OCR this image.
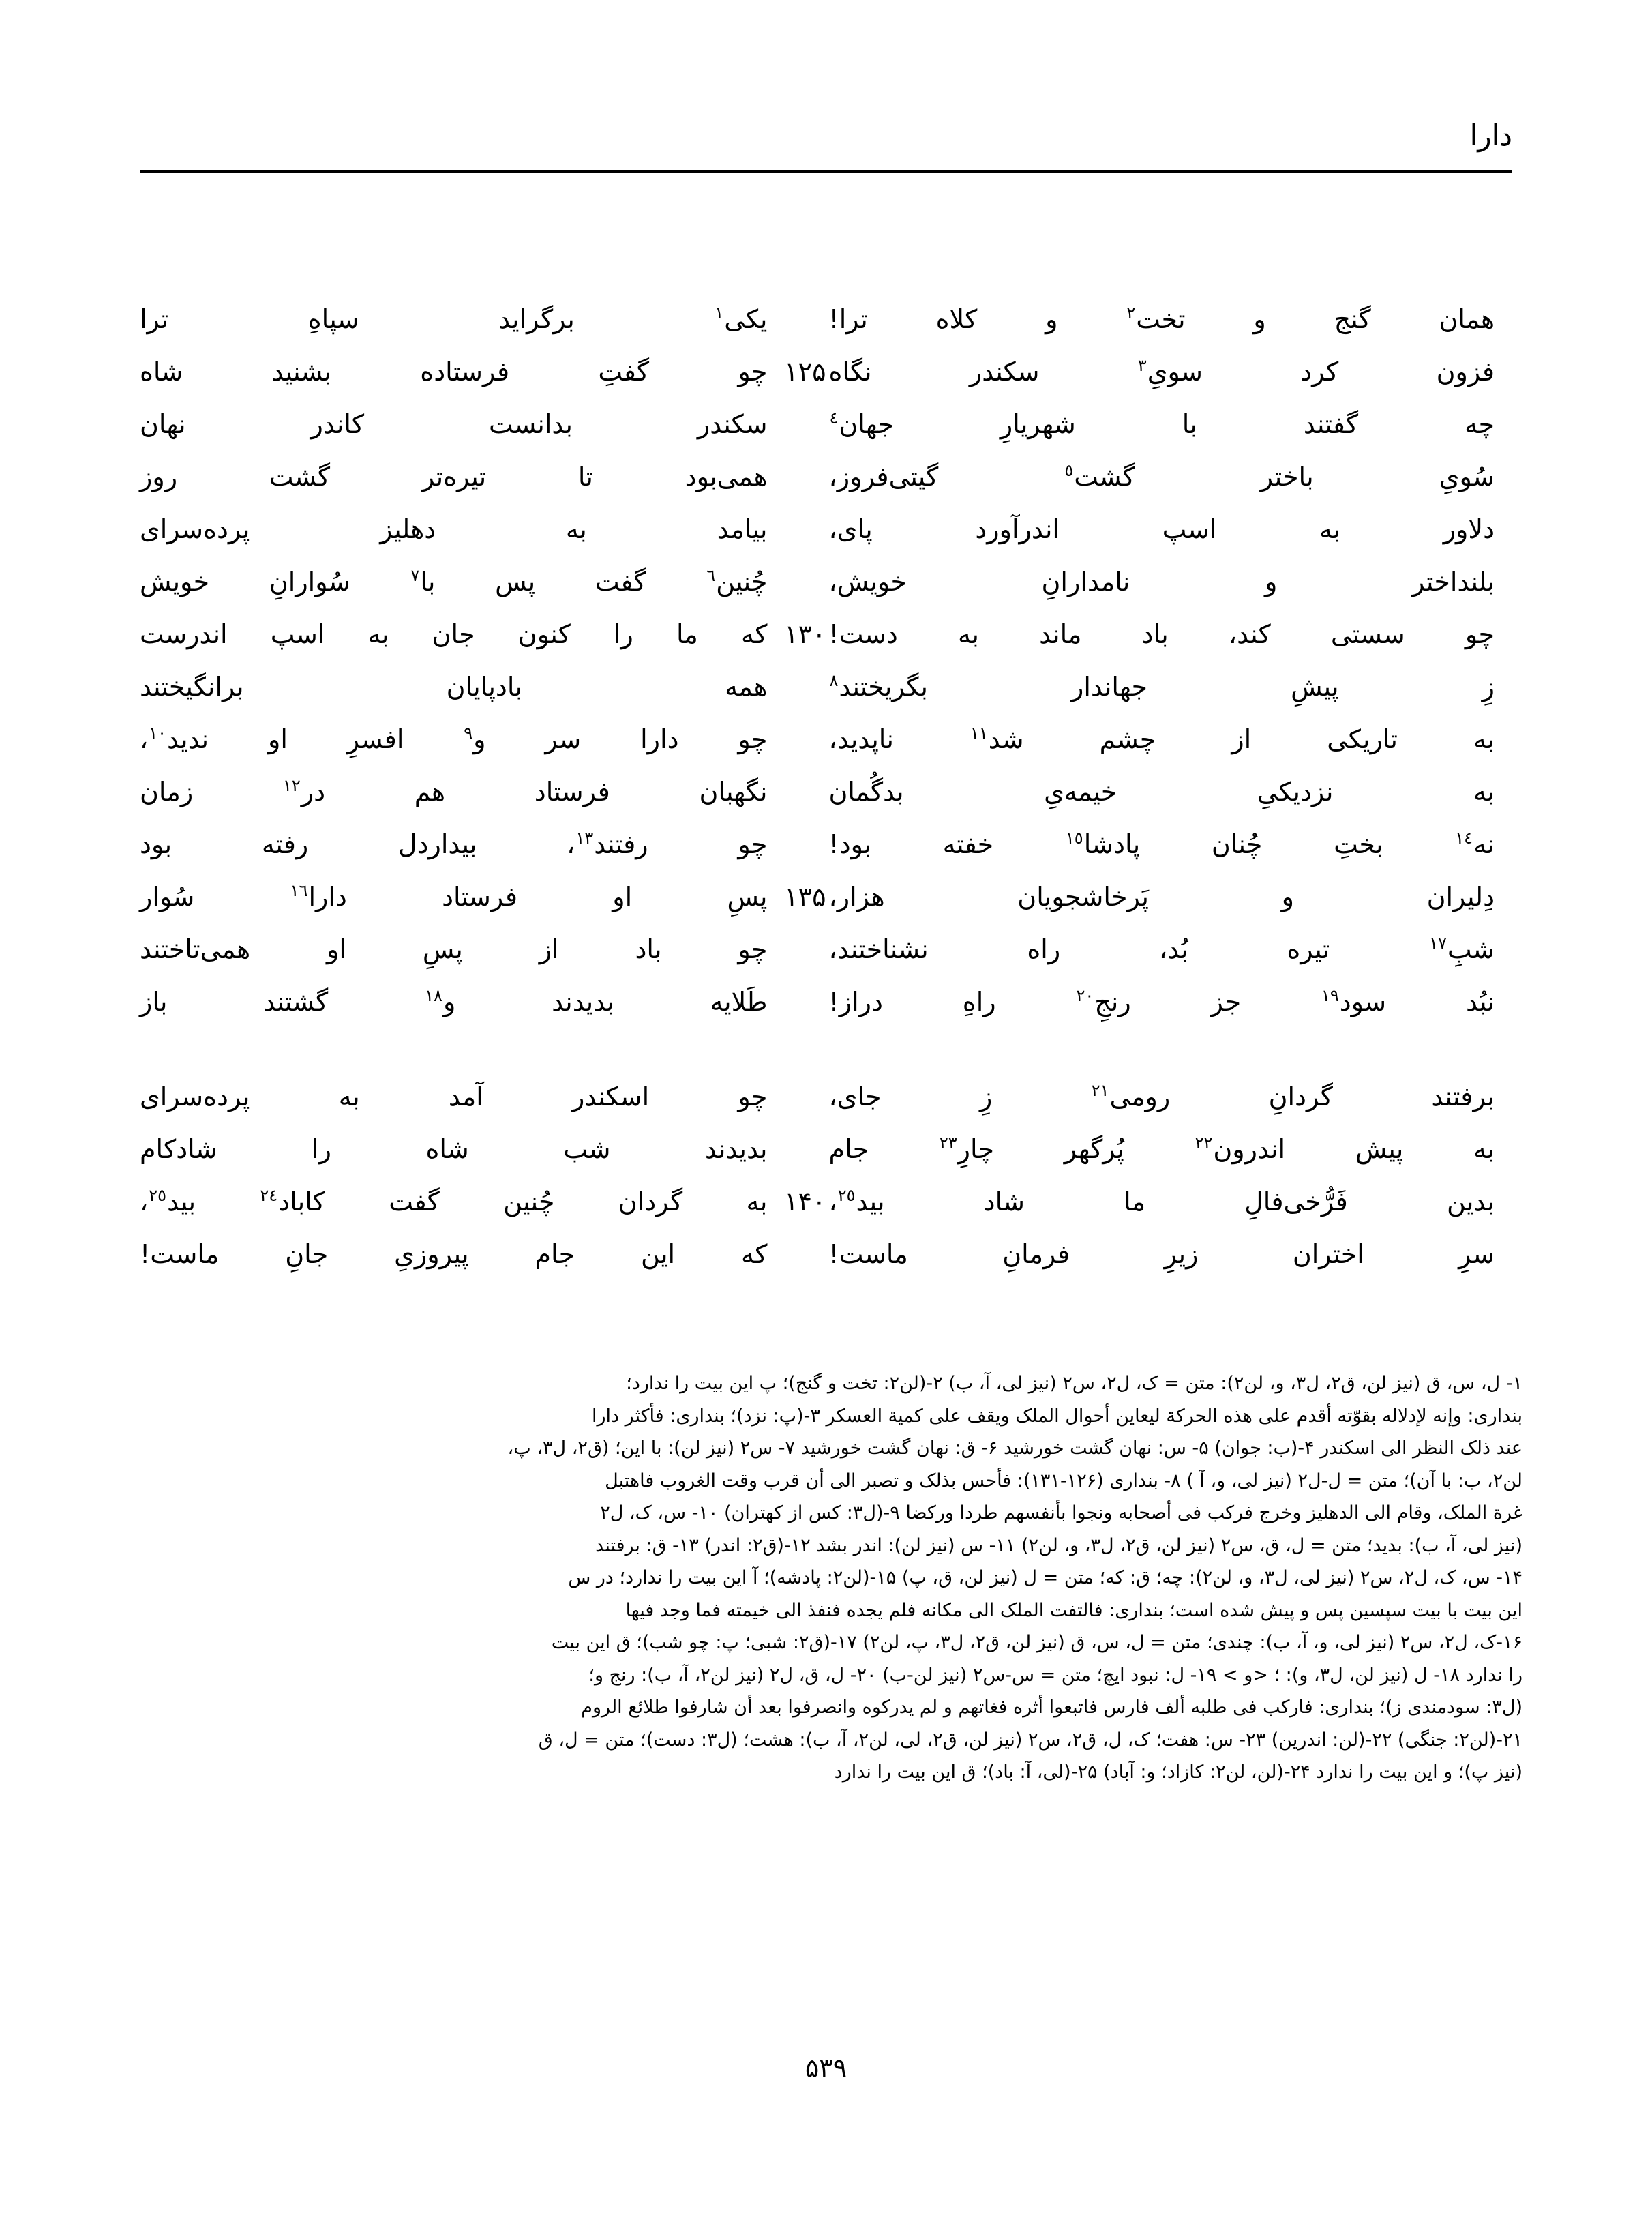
دارا
همان گنج و تخت$^٢$ و کلاه ترا!
یکی$^١$ برگراید سپاهِ ترا
فزون کرد سویِ$^٣$ سکندر نگاه
چو گفتِ فرستاده بشنید شاه ۱۲۵
چه گفتند با شهریارِ جهان$^٤$
سکندر بدانست کاندر نهان
سُویِ باختر گشت$^٥$ گیتی‌فروز،
همی‌بود تا تیره‌تر گشت روز
دلاور به اسپ اندرآورد پای،
بیامد به دهلیز پرده‌سرای
بلنداختر و نامدارانِ خویش،
چُنین$^٦$ گفت پس با$^٧$ سُوارانِ خویش
چو سستی کند، باد ماند به دست!
که ما را کنون جان به اسپ اندرست ۱۳۰
زِ پیشِ جهاندار بگریختند$^٨$
همه بادپایان برانگیختند
به تاریکی از چشم شد$^{١١}$ ناپدید،
چو دارا سر و$^٩$ افسرِ او ندید$^{١٠}$،
به نزدیکیِ خیمه‌یِ بدگُمان
نگهبان فرستاد هم در$^{١٢}$ زمان
نه$^{١٤}$ بختِ چُنان پادشا$^{١٥}$ خفته بود!
چو رفتند$^{١٣}$، بیداردل رفته بود
دِلیران و پَرخاشجویان هزار،
پسِ او فرستاد دارا$^{١٦}$ سُوار	۱۳۵
شبِ$^{١٧}$ تیره بُد، راه نشناختند،
چو باد از پسِ او همی‌تاختند
نبُد سود$^{١٩}$ جز رنجِ$^{٢٠}$ راهِ دراز!
طَلایه بدیدند و$^{١٨}$ گشتند باز
برفتند گردانِ رومی$^{٢١}$ زِ جای،
چو اسکندر آمد به پرده‌سرای
به پیش اندرون$^{٢٢}$ پُرگهر چارِ$^{٢٣}$ جام
بدیدند شب شاه را شادکام
بدین فَرُّخی‌فالِ ما شاد بید$^{٢٥}$،
به گردان چُنین گفت کاباد$^{٢٤}$ بید$^{٢٥}$،	۱۴۰
سرِ اختران زیرِ فرمانِ ماست!
که این جام پیروزیِ جانِ ماست!

١- ل، س، ق (نیز لن، ق٢، ل٣، و، لن٢): متن = ک، ل٢، س٢ (نیز لی، آ، ب) ٢-(لن٢: تخت و گنج)؛ پ این بیت را ندارد؛

بنداری: وإنه لإدلاله بقوّته أقدم علی هذه الحرکة لیعاین أحوال الملک ویقف علی کمیة العسکر ٣-(پ: نزد)؛ بنداری: فأکثر دارا

عند ذلک النظر الی اسکندر ۴-(ب: جوان) ۵- س: نهان گشت خورشید ۶- ق: نهان گشت خورشید ٧- س٢ (نیز لن): با این؛ (ق٢، ل٣، پ،

لن٢، ب: با آن)؛ متن = ل-ل٢ (نیز لی، و، آ ) ٨- بنداری (١٢۶-١٣١): فأحس بذلک و تصبر الی أن قرب وقت الغروب فاهتبل

غرة الملک، وقام الی الدهلیز وخرج فرکب فی أصحابه ونجوا بأنفسهم طردا ورکضا ٩-(ل٣: کس از کهتران) ١٠- س، ک، ل٢

(نیز لی، آ، ب): بدید؛ متن = ل، ق، س٢ (نیز لن، ق٢، ل٣، و، لن٢) ١١- س (نیز لن): اندر بشد ١٢-(ق٢: اندر) ١٣- ق: برفتند

١۴- س، ک، ل٢، س٢ (نیز لی، ل٣، و، لن٢): چه؛ ق: که؛ متن = ل (نیز لن، ق، پ) ١۵-(لن٢: پادشه)؛ آ این بیت را ندارد؛ در س

این بیت با بیت سپسین پس و پیش شده است؛ بنداری: فالتفت الملک الی مکانه فلم یجده فنفذ الی خیمته فما وجد فیها

١۶-ک، ل٢، س٢ (نیز لی، و، آ، ب): چندی؛ متن = ل، س، ق (نیز لن، ق٢، ل٣، پ، لن٢) ١٧-(ق٢: شبی؛ پ: چو شب)؛ ق این بیت

را ندارد ١٨- ل (نیز لن، ل٣، و): ؛ <و > ١٩- ل: نبود ایچ؛ متن = س-س٢ (نیز لن-ب) ٢٠- ل، ق، ل٢ (نیز لن٢، آ، ب): رنج و؛

(ل٣: سودمندی ز)؛ بنداری: فارکب فی طلبه ألف فارس فاتبعوا أثره فغاتهم و لم یدرکوه وانصرفوا بعد أن شارفوا طلائع الروم

٢١-(لن٢: جنگی) ٢٢-(لن: اندرین) ٢٣- س: هفت؛ ک، ل، ق٢، س٢ (نیز لن، ق٢، لی، لن٢، آ، ب): هشت؛ (ل٣: دست)؛ متن = ل، ق

(نیز پ)؛ و این بیت را ندارد ٢۴-(لن، لن٢: کازاد؛ و: آباد) ٢۵-(لی، آ: باد)؛ ق این بیت را ندارد

۵۳۹
